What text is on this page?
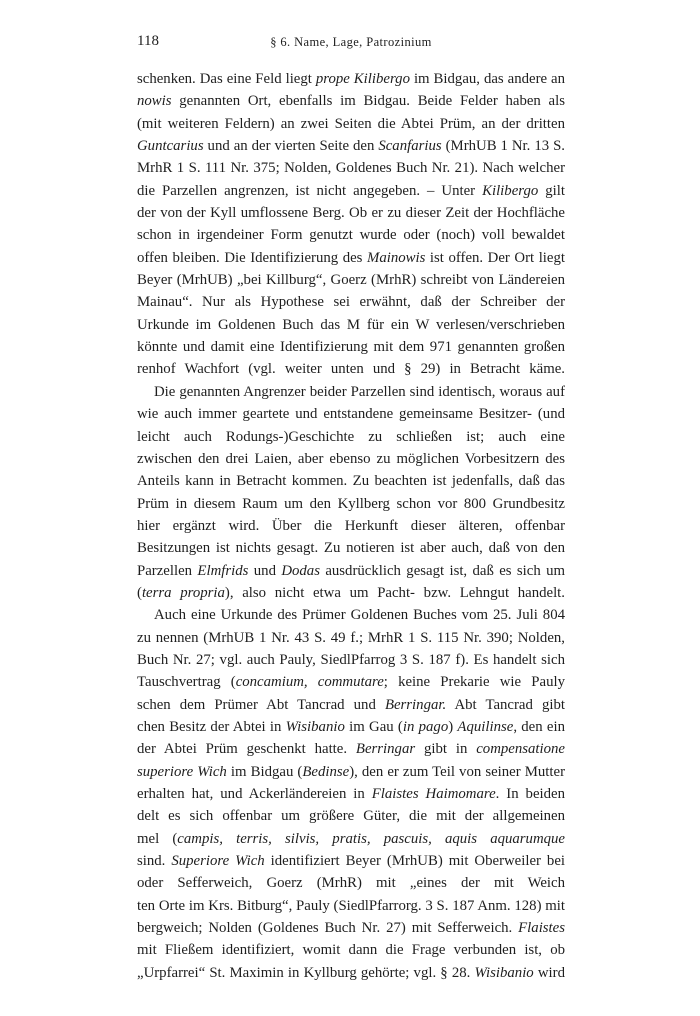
118	§ 6. Name, Lage, Patrozinium
schenken. Das eine Feld liegt prope Kilibergo im Bidgau, das andere an
nowis genannten Ort, ebenfalls im Bidgau. Beide Felder haben als
(mit weiteren Feldern) an zwei Seiten die Abtei Prüm, an der dritten
Guntcarius und an der vierten Seite den Scanfarius (MrhUB 1 Nr. 13 S.
MrhR 1 S. 111 Nr. 375; Nolden, Goldenes Buch Nr. 21). Nach welcher
die Parzellen angrenzen, ist nicht angegeben. – Unter Kilibergo gilt
der von der Kyll umflossene Berg. Ob er zu dieser Zeit der Hochfläche
schon in irgendeiner Form genutzt wurde oder (noch) voll bewaldet
offen bleiben. Die Identifizierung des Mainowis ist offen. Der Ort liegt
Beyer (MrhUB) „bei Killburg“, Goerz (MrhR) schreibt von Ländereien
Mainau“. Nur als Hypothese sei erwähnt, daß der Schreiber der
Urkunde im Goldenen Buch das M für ein W verlesen/verschrieben
könnte und damit eine Identifizierung mit dem 971 genannten großen
renhof Wachfort (vgl. weiter unten und § 29) in Betracht käme.
Die genannten Angrenzer beider Parzellen sind identisch, woraus auf
wie auch immer geartete und entstandene gemeinsame Besitzer- (und
leicht auch Rodungs-)Geschichte zu schließen ist; auch eine
zwischen den drei Laien, aber ebenso zu möglichen Vorbesitzern des
Anteils kann in Betracht kommen. Zu beachten ist jedenfalls, daß das
Prüm in diesem Raum um den Kyllberg schon vor 800 Grundbesitz
hier ergänzt wird. Über die Herkunft dieser älteren, offenbar
Besitzungen ist nichts gesagt. Zu notieren ist aber auch, daß von den
Parzellen Elmfrids und Dodas ausdrücklich gesagt ist, daß es sich um
(terra propria), also nicht etwa um Pacht- bzw. Lehngut handelt.
Auch eine Urkunde des Prümer Goldenen Buches vom 25. Juli 804
zu nennen (MrhUB 1 Nr. 43 S. 49 f.; MrhR 1 S. 115 Nr. 390; Nolden,
Buch Nr. 27; vgl. auch Pauly, SiedlPfarrog 3 S. 187 f). Es handelt sich
Tauschvertrag (concamium, commutare; keine Prekarie wie Pauly
schen dem Prümer Abt Tancrad und Berringar. Abt Tancrad gibt
chen Besitz der Abtei in Wisibanio im Gau (in pago) Aquilinse, den ein
der Abtei Prüm geschenkt hatte. Berringar gibt in compensatione
superiore Wich im Bidgau (Bedinse), den er zum Teil von seiner Mutter
erhalten hat, und Ackerländereien in Flaistes Haimomare. In beiden
delt es sich offenbar um größere Güter, die mit der allgemeinen
mel (campis, terris, silvis, pratis, pascuis, aquis aquarumque
sind. Superiore Wich identifiziert Beyer (MrhUB) mit Oberweiler bei
oder Sefferweich, Goerz (MrhR) mit „eines der mit Weich
ten Orte im Krs. Bitburg“, Pauly (SiedlPfarrorg. 3 S. 187 Anm. 128) mit
bergweich; Nolden (Goldenes Buch Nr. 27) mit Sefferweich. Flaistes
mit Fließem identifiziert, womit dann die Frage verbunden ist, ob
„Urpfarrei“ St. Maximin in Kyllburg gehörte; vgl. § 28. Wisibanio wird
